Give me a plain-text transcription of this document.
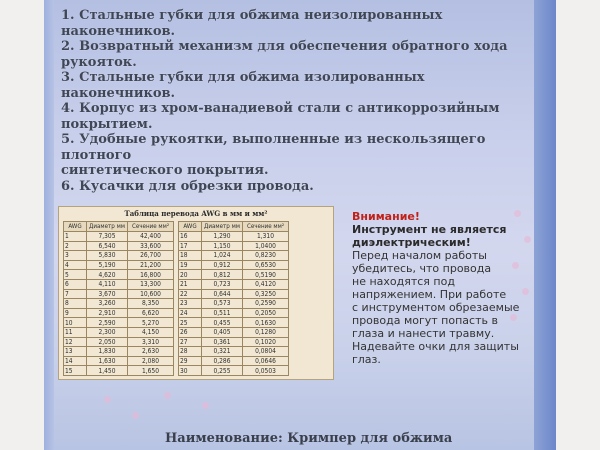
1. Стальные губки для обжима неизолированных
наконечников.
2. Возвратный механизм для обеспечения обратного хода рукояток.
3. Стальные губки для обжима изолированных
наконечников.
4. Корпус из хром-ванадиевой стали с антикоррозийным
покрытием.
5. Удобные рукоятки, выполненные из нескользящего плотного
синтетического покрытия.
6. Кусачки для обрезки провода.
Таблица перевода AWG в мм и мм²
AWG	Диаметр мм	Сечение мм²
1	7,305	42,400
2	6,540	33,600
3	5,830	26,700
4	5,190	21,200
5	4,620	16,800
6	4,110	13,300
7	3,670	10,600
8	3,260	8,350
9	2,910	6,620
10	2,590	5,270
11	2,300	4,150
12	2,050	3,310
13	1,830	2,630
14	1,630	2,080
15	1,450	1,650
AWG	Диаметр мм	Сечение мм²
16	1,290	1,310
17	1,150	1,0400
18	1,024	0,8230
19	0,912	0,6530
20	0,812	0,5190
21	0,723	0,4120
22	0,644	0,3250
23	0,573	0,2590
24	0,511	0,2050
25	0,455	0,1630
26	0,405	0,1280
27	0,361	0,1020
28	0,321	0,0804
29	0,286	0,0646
30	0,255	0,0503
Внимание!
Инструмент не является
диэлектрическим!
Перед началом работы
убедитесь, что провода
не находятся под
напряжением. При работе
с инструментом обрезаемые
провода могут попасть в
глаза и нанести травму.
Надевайте очки для защиты
глаз.
Наименование: Кримпер для обжима
